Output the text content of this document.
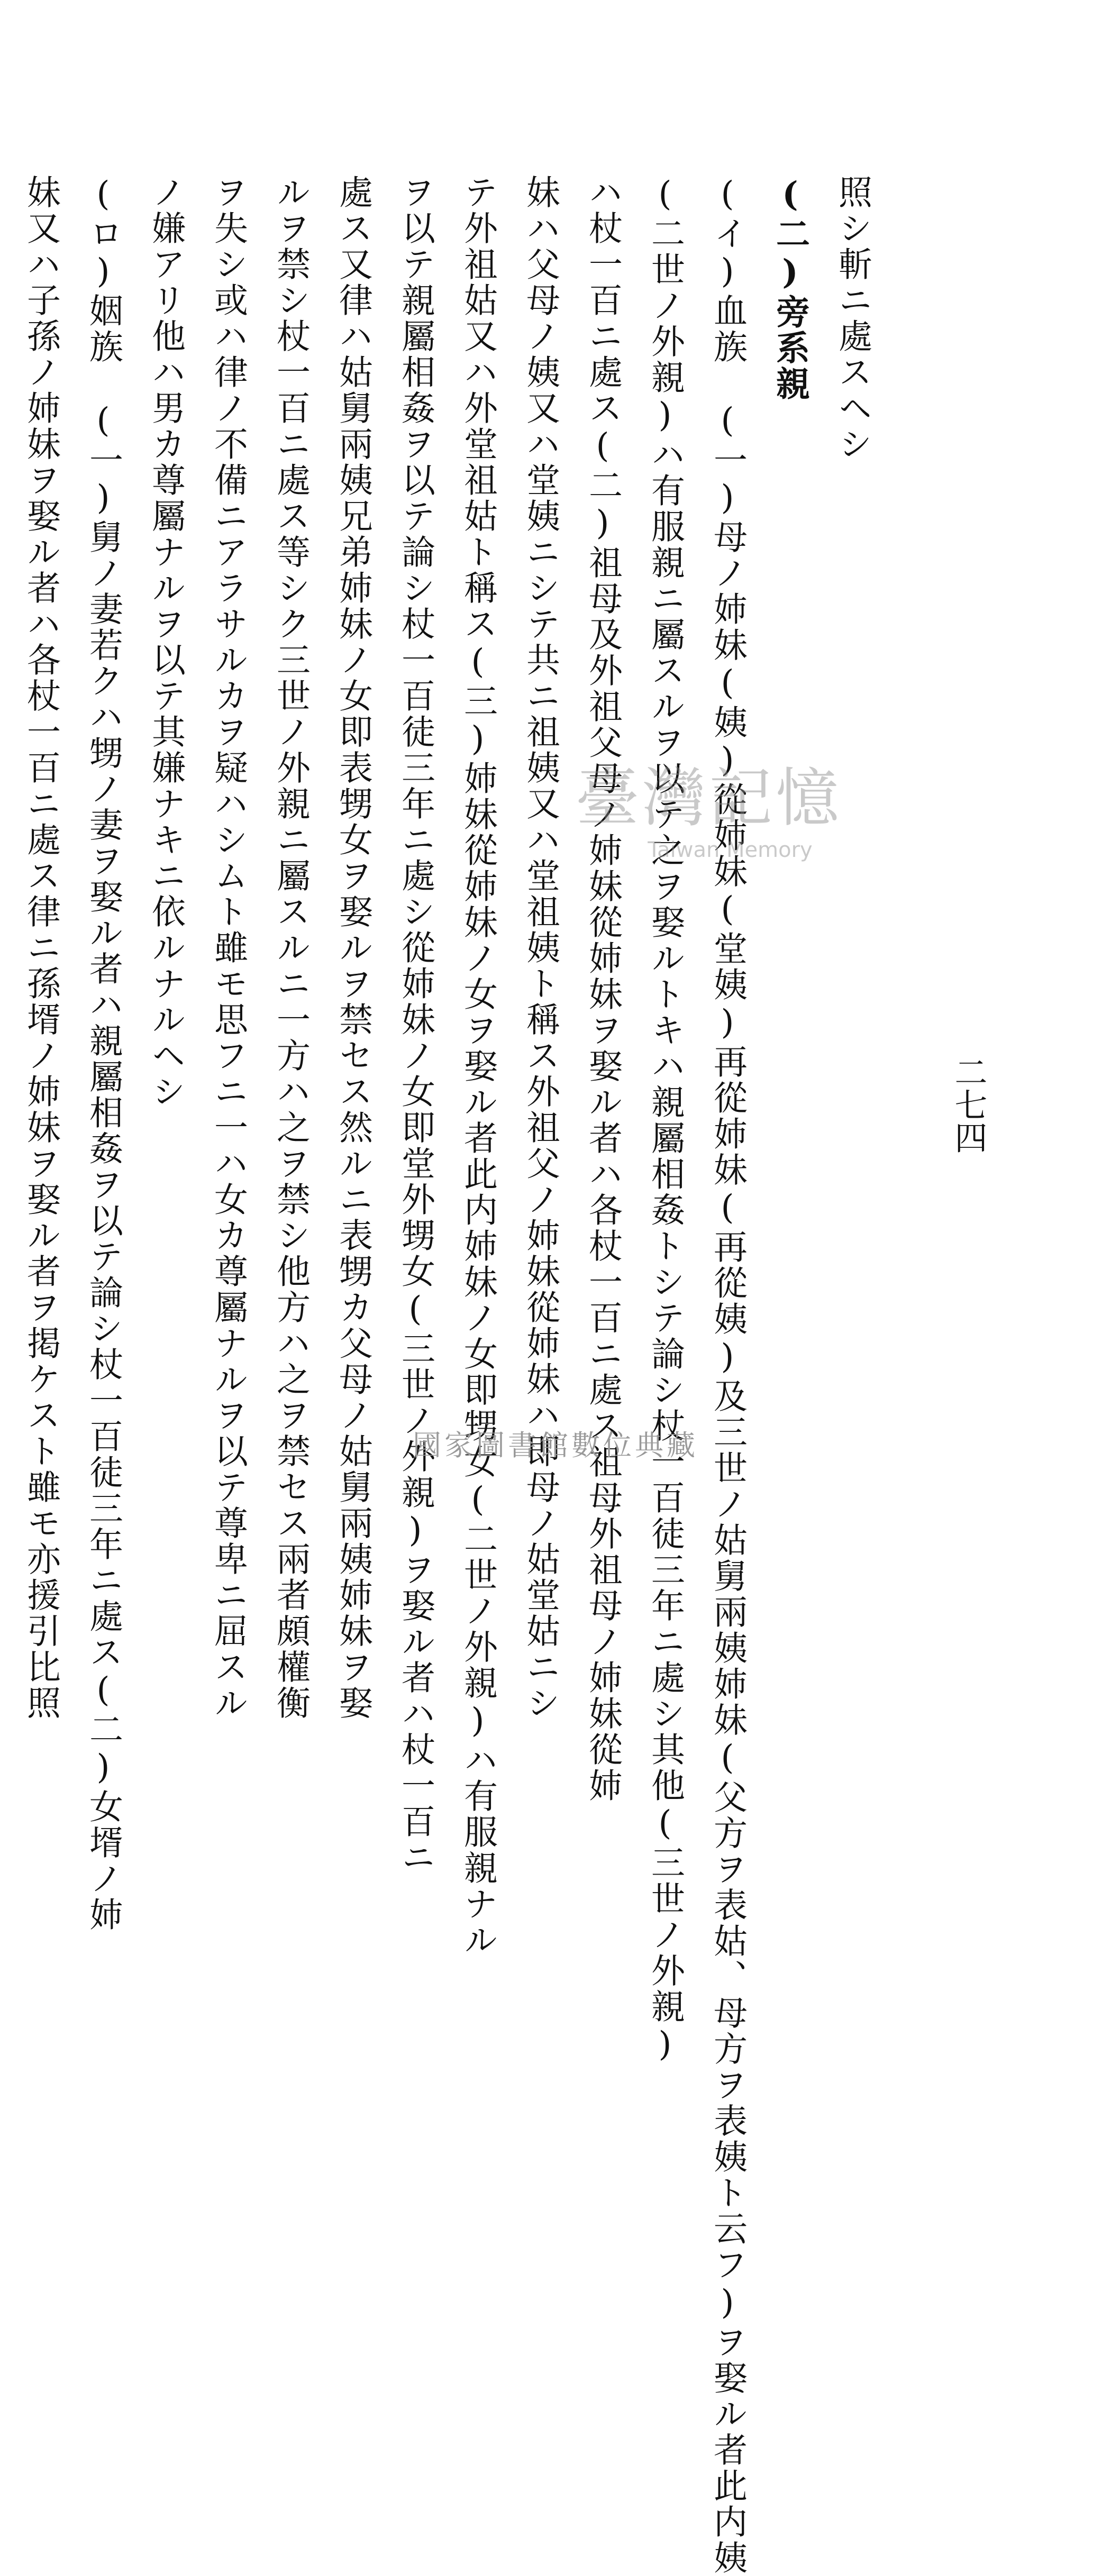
照シ斬ニ處スヘシ
(二)旁系親
(イ)血族　(一)母ノ姉妹(姨)從姉妹(堂姨)再從姉妹(再從姨)及三世ノ姑舅兩姨姉妹(父方ヲ表姑、母方ヲ表姨ト云フ)ヲ娶ル者此内姨
(二世ノ外親)ハ有服親ニ屬スルヲ以テ之ヲ娶ルトキハ親屬相姦トシテ論シ杖一百徒三年ニ處シ其他(三世ノ外親)
ハ杖一百ニ處ス(二)祖母及外祖父母ノ姉妹從姉妹ヲ娶ル者ハ各杖一百ニ處ス祖母外祖母ノ姉妹從姉
妹ハ父母ノ姨又ハ堂姨ニシテ共ニ祖姨又ハ堂祖姨ト稱ス外祖父ノ姉妹從姉妹ハ即母ノ姑堂姑ニシ
テ外祖姑又ハ外堂祖姑ト稱ス(三)姉妹從姉妹ノ女ヲ娶ル者此内姉妹ノ女即甥女(二世ノ外親)ハ有服親ナル
ヲ以テ親屬相姦ヲ以テ論シ杖一百徒三年ニ處シ從姉妹ノ女即堂外甥女(三世ノ外親)ヲ娶ル者ハ杖一百ニ
處ス又律ハ姑舅兩姨兄弟姉妹ノ女即表甥女ヲ娶ルヲ禁セス然ルニ表甥カ父母ノ姑舅兩姨姉妹ヲ娶
ルヲ禁シ杖一百ニ處ス等シク三世ノ外親ニ屬スルニ一方ハ之ヲ禁シ他方ハ之ヲ禁セス兩者頗權衡
ヲ失シ或ハ律ノ不備ニアラサルカヲ疑ハシムト雖モ思フニ一ハ女カ尊屬ナルヲ以テ尊卑ニ屈スル
ノ嫌アリ他ハ男カ尊屬ナルヲ以テ其嫌ナキニ依ルナルヘシ
(ロ)姻族　(一)舅ノ妻若クハ甥ノ妻ヲ娶ル者ハ親屬相姦ヲ以テ論シ杖一百徒三年ニ處ス(二)女壻ノ姉
妹又ハ子孫ノ姉妹ヲ娶ル者ハ各杖一百ニ處ス律ニ孫壻ノ姉妹ヲ娶ル者ヲ掲ケスト雖モ亦援引比照	二七四
臺灣記憶
Taiwan Memory
國家圖書館數位典藏
